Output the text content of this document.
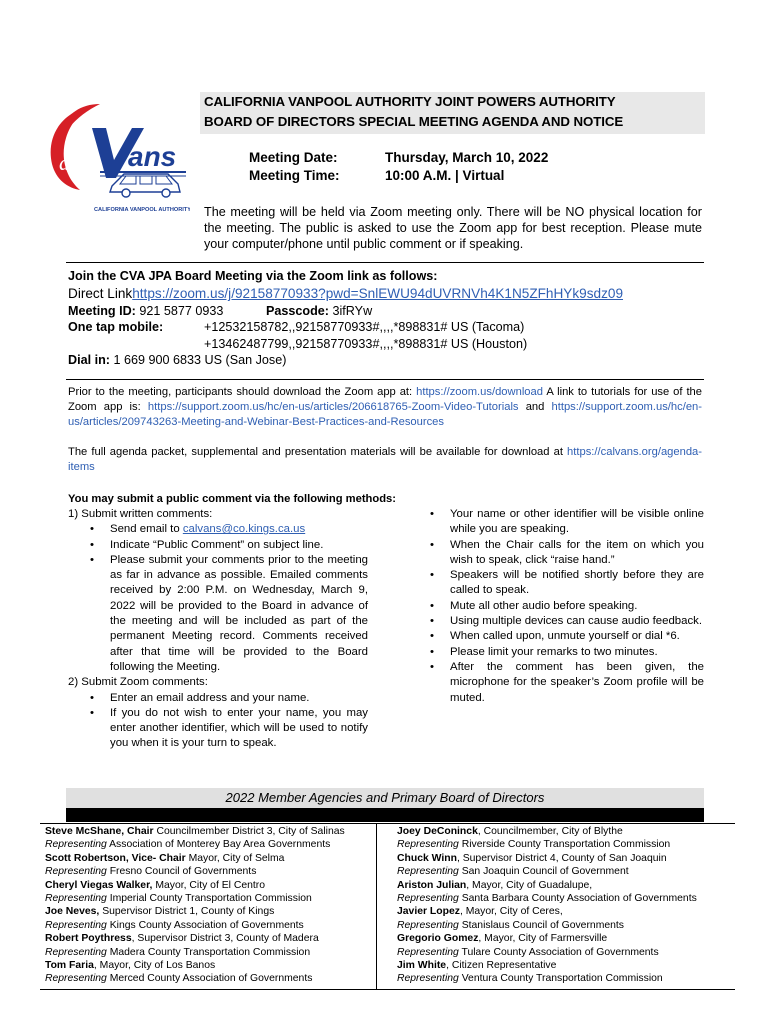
al ans
CALIFORNIA VANPOOL AUTHORITY
CALIFORNIA VANPOOL AUTHORITY JOINT POWERS AUTHORITY
BOARD OF DIRECTORS SPECIAL MEETING AGENDA AND NOTICE
Meeting Date:	Thursday, March 10, 2022
Meeting Time:	10:00 A.M. | Virtual
The meeting will be held via Zoom meeting only. There will be NO physical location for the meeting. The public is asked to use the Zoom app for best reception. Please mute your computer/phone until public comment or if speaking.
Join the CVA JPA Board Meeting via the Zoom link as follows:
Direct Linkhttps://zoom.us/j/92158770933?pwd=SnlEWU94dUVRNVh4K1N5ZFhHYk9sdz09
Meeting ID: 921 5877 0933	Passcode: 3ifRYw
One tap mobile:	+12532158782,,92158770933#,,,,*898831# US (Tacoma)
+13462487799,,92158770933#,,,,*898831# US (Houston)
Dial in: 1 669 900 6833 US (San Jose)
Prior to the meeting, participants should download the Zoom app at: https://zoom.us/download A link to tutorials for use of the Zoom app is: https://support.zoom.us/hc/en-us/articles/206618765-Zoom-Video-Tutorials and https://support.zoom.us/hc/en-us/articles/209743263-Meeting-and-Webinar-Best-Practices-and-Resources
The full agenda packet, supplemental and presentation materials will be available for download at https://calvans.org/agenda-items
You may submit a public comment via the following methods:
1) Submit written comments:
• Send email to calvans@co.kings.ca.us
• Indicate “Public Comment” on subject line.
• Please submit your comments prior to the meeting as far in advance as possible. Emailed comments received by 2:00 P.M. on Wednesday, March 9, 2022 will be provided to the Board in advance of the meeting and will be included as part of the permanent Meeting record. Comments received after that time will be provided to the Board following the Meeting.
2) Submit Zoom comments:
• Enter an email address and your name.
• If you do not wish to enter your name, you may enter another identifier, which will be used to notify you when it is your turn to speak.
• Your name or other identifier will be visible online while you are speaking.
• When the Chair calls for the item on which you wish to speak, click “raise hand.”
• Speakers will be notified shortly before they are called to speak.
• Mute all other audio before speaking.
• Using multiple devices can cause audio feedback.
• When called upon, unmute yourself or dial *6.
• Please limit your remarks to two minutes.
• After the comment has been given, the microphone for the speaker’s Zoom profile will be muted.
2022 Member Agencies and Primary Board of Directors
Steve McShane, Chair Councilmember District 3, City of Salinas
Representing Association of Monterey Bay Area Governments
Scott Robertson, Vice- Chair Mayor, City of Selma
Representing Fresno Council of Governments
Cheryl Viegas Walker, Mayor, City of El Centro
Representing Imperial County Transportation Commission
Joe Neves, Supervisor District 1, County of Kings
Representing Kings County Association of Governments
Robert Poythress, Supervisor District 3, County of Madera
Representing Madera County Transportation Commission
Tom Faria, Mayor, City of Los Banos
Representing Merced County Association of Governments
Joey DeConinck, Councilmember, City of Blythe
Representing Riverside County Transportation Commission
Chuck Winn, Supervisor District 4, County of San Joaquin
Representing San Joaquin Council of Government
Ariston Julian, Mayor, City of Guadalupe,
Representing Santa Barbara County Association of Governments
Javier Lopez, Mayor, City of Ceres,
Representing Stanislaus Council of Governments
Gregorio Gomez, Mayor, City of Farmersville
Representing Tulare County Association of Governments
Jim White, Citizen Representative
Representing Ventura County Transportation Commission
